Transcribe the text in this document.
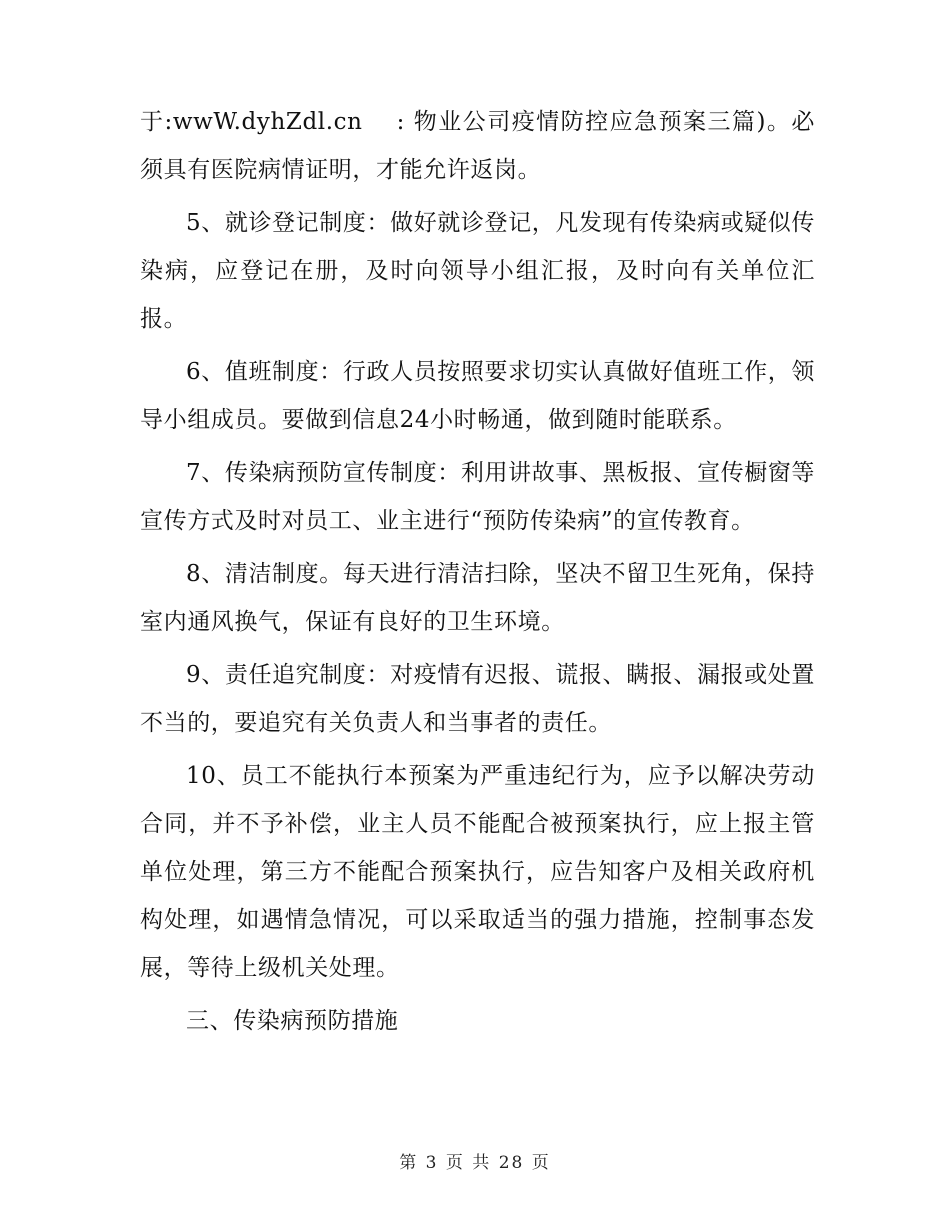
于:wwW.dyhZdl.cn　 : 物业公司疫情防控应急预案三篇)。必须具有医院病情证明，才能允许返岗。

5、就诊登记制度：做好就诊登记，凡发现有传染病或疑似传染病，应登记在册，及时向领导小组汇报，及时向有关单位汇报。

6、值班制度：行政人员按照要求切实认真做好值班工作，领导小组成员。要做到信息24小时畅通，做到随时能联系。

7、传染病预防宣传制度：利用讲故事、黑板报、宣传橱窗等宣传方式及时对员工、业主进行“预防传染病”的宣传教育。

8、清洁制度。每天进行清洁扫除，坚决不留卫生死角，保持室内通风换气，保证有良好的卫生环境。

9、责任追究制度：对疫情有迟报、谎报、瞒报、漏报或处置不当的，要追究有关负责人和当事者的责任。

10、员工不能执行本预案为严重违纪行为，应予以解决劳动合同，并不予补偿，业主人员不能配合被预案执行，应上报主管单位处理，第三方不能配合预案执行，应告知客户及相关政府机构处理，如遇情急情况，可以采取适当的强力措施，控制事态发展，等待上级机关处理。

三、传染病预防措施

第 3 页 共 28 页
